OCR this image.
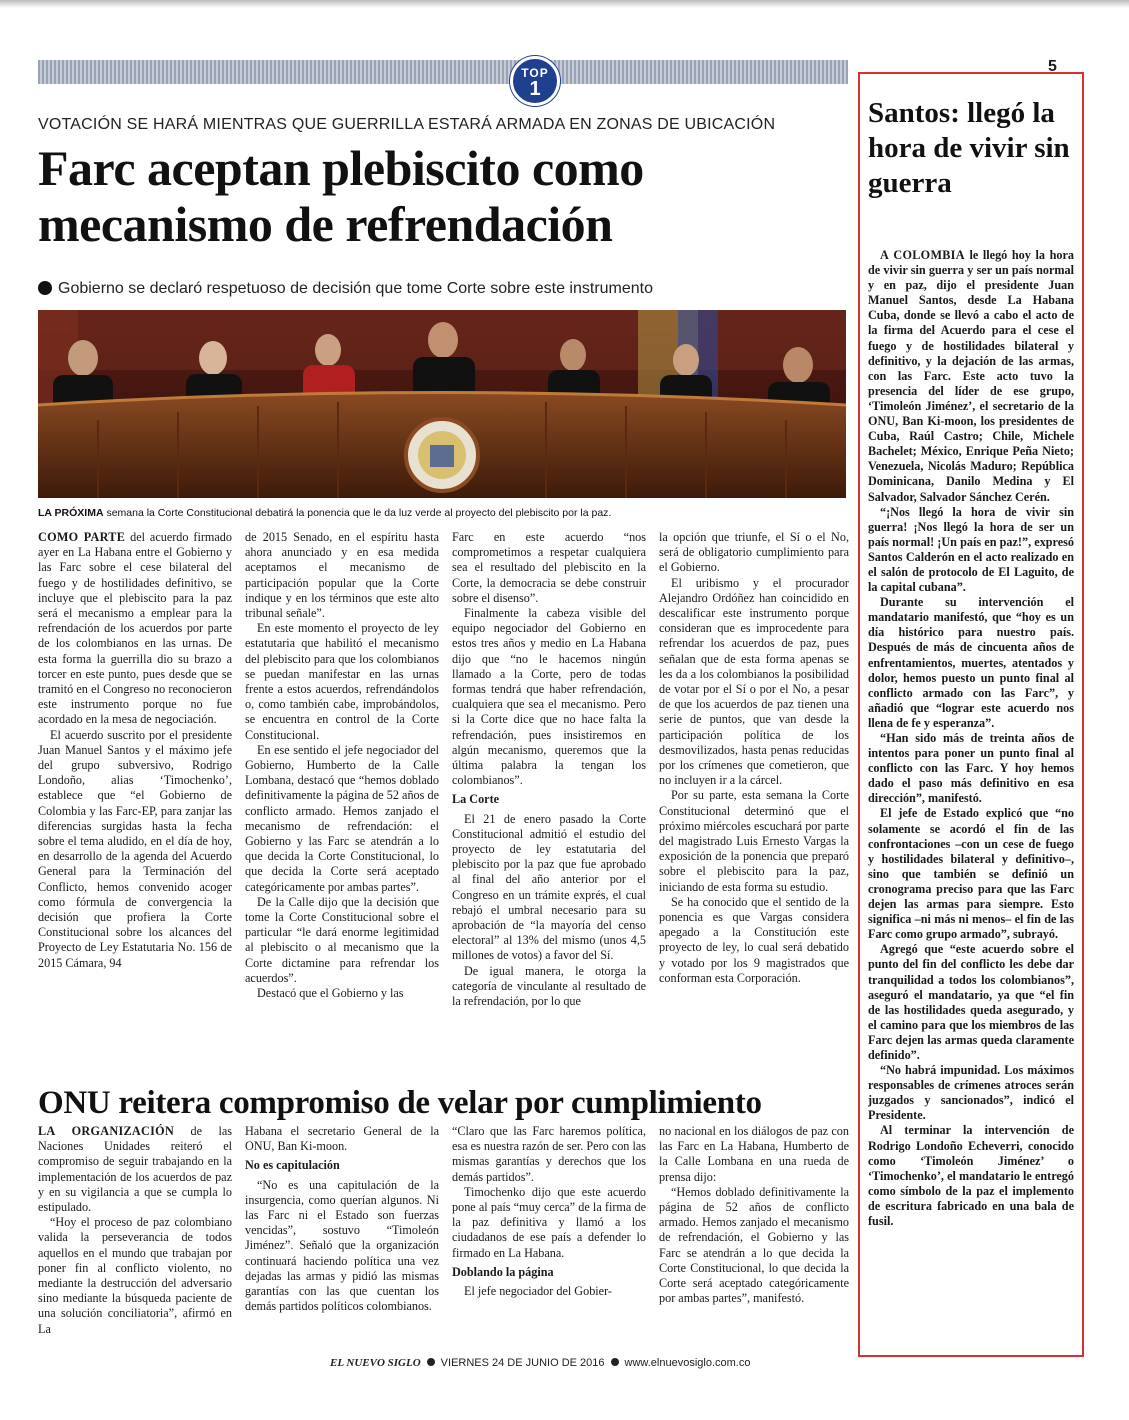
TOP
1
5
VOTACIÓN SE HARÁ MIENTRAS QUE GUERRILLA ESTARÁ ARMADA EN ZONAS DE UBICACIÓN
Farc aceptan plebiscito como mecanismo de refrendación
Gobierno se declaró respetuoso de decisión que tome Corte sobre este instrumento
LA PRÓXIMA semana la Corte Constitucional debatirá la ponencia que le da luz verde al proyecto del plebiscito por la paz.

COMO PARTE del acuerdo firmado ayer en La Habana entre el Gobierno y las Farc sobre el cese bilateral del fuego y de hostilidades definitivo, se incluye que el plebiscito para la paz será el mecanismo a emplear para la refrendación de los acuerdos por parte de los colombianos en las urnas. De esta forma la guerrilla dio su brazo a torcer en este punto, pues desde que se tramitó en el Congreso no reconocieron este instrumento porque no fue acordado en la mesa de negociación.

El acuerdo suscrito por el presidente Juan Manuel Santos y el máximo jefe del grupo subversivo, Rodrigo Londoño, alias ‘Timochenko’, establece que “el Gobierno de Colombia y las Farc-EP, para zanjar las diferencias surgidas hasta la fecha sobre el tema aludido, en el día de hoy, en desarrollo de la agenda del Acuerdo General para la Terminación del Conflicto, hemos convenido acoger como fórmula de convergencia la decisión que profiera la Corte Constitucional sobre los alcances del Proyecto de Ley Estatutaria No. 156 de 2015 Cámara, 94

de 2015 Senado, en el espíritu hasta ahora anunciado y en esa medida aceptamos el mecanismo de participación popular que la Corte indique y en los términos que este alto tribunal señale”.

En este momento el proyecto de ley estatutaria que habilitó el mecanismo del plebiscito para que los colombianos se puedan manifestar en las urnas frente a estos acuerdos, refrendándolos o, como también cabe, improbándolos, se encuentra en control de la Corte Constitucional.

En ese sentido el jefe negociador del Gobierno, Humberto de la Calle Lombana, destacó que “hemos doblado definitivamente la página de 52 años de conflicto armado. Hemos zanjado el mecanismo de refrendación: el Gobierno y las Farc se atendrán a lo que decida la Corte Constitucional, lo que decida la Corte será aceptado categóricamente por ambas partes”.

De la Calle dijo que la decisión que tome la Corte Constitucional sobre el particular “le dará enorme legitimidad al plebiscito o al mecanismo que la Corte dictamine para refrendar los acuerdos”.

Destacó que el Gobierno y las

Farc en este acuerdo “nos comprometimos a respetar cualquiera sea el resultado del plebiscito en la Corte, la democracia se debe construir sobre el disenso”.

Finalmente la cabeza visible del equipo negociador del Gobierno en estos tres años y medio en La Habana dijo que “no le hacemos ningún llamado a la Corte, pero de todas formas tendrá que haber refrendación, cualquiera que sea el mecanismo. Pero si la Corte dice que no hace falta la refrendación, pues insistiremos en algún mecanismo, queremos que la última palabra la tengan los colombianos”.

La Corte

El 21 de enero pasado la Corte Constitucional admitió el estudio del proyecto de ley estatutaria del plebiscito por la paz que fue aprobado al final del año anterior por el Congreso en un trámite exprés, el cual rebajó el umbral necesario para su aprobación de “la mayoría del censo electoral” al 13% del mismo (unos 4,5 millones de votos) a favor del Sí.

De igual manera, le otorga la categoría de vinculante al resultado de la refrendación, por lo que

la opción que triunfe, el Sí o el No, será de obligatorio cumplimiento para el Gobierno.

El uribismo y el procurador Alejandro Ordóñez han coincidido en descalificar este instrumento porque consideran que es improcedente para refrendar los acuerdos de paz, pues señalan que de esta forma apenas se les da a los colombianos la posibilidad de votar por el Sí o por el No, a pesar de que los acuerdos de paz tienen una serie de puntos, que van desde la participación política de los desmovilizados, hasta penas reducidas por los crímenes que cometieron, que no incluyen ir a la cárcel.

Por su parte, esta semana la Corte Constitucional determinó que el próximo miércoles escuchará por parte del magistrado Luis Ernesto Vargas la exposición de la ponencia que preparó sobre el plebiscito para la paz, iniciando de esta forma su estudio.

Se ha conocido que el sentido de la ponencia es que Vargas considera apegado a la Constitución este proyecto de ley, lo cual será debatido y votado por los 9 magistrados que conforman esta Corporación.

ONU reitera compromiso de velar por cumplimiento

LA ORGANIZACIÓN de las Naciones Unidades reiteró el compromiso de seguir trabajando en la implementación de los acuerdos de paz y en su vigilancia a que se cumpla lo estipulado.

“Hoy el proceso de paz colombiano valida la perseverancia de todos aquellos en el mundo que trabajan por poner fin al conflicto violento, no mediante la destrucción del adversario sino mediante la búsqueda paciente de una solución conciliatoria”, afirmó en La

Habana el secretario General de la ONU, Ban Ki-moon.

No es capitulación

“No es una capitulación de la insurgencia, como querían algunos. Ni las Farc ni el Estado son fuerzas vencidas”, sostuvo “Timoleón Jiménez”. Señaló que la organización continuará haciendo política una vez dejadas las armas y pidió las mismas garantías con las que cuentan los demás partidos políticos colombianos.

“Claro que las Farc haremos política, esa es nuestra razón de ser. Pero con las mismas garantías y derechos que los demás partidos”.

Timochenko dijo que este acuerdo pone al país “muy cerca” de la firma de la paz definitiva y llamó a los ciudadanos de ese país a defender lo firmado en La Habana.

Doblando la página

El jefe negociador del Gobier-

no nacional en los diálogos de paz con las Farc en La Habana, Humberto de la Calle Lombana en una rueda de prensa dijo:

“Hemos doblado definitivamente la página de 52 años de conflicto armado. Hemos zanjado el mecanismo de refrendación, el Gobierno y las Farc se atendrán a lo que decida la Corte Constitucional, lo que decida la Corte será aceptado categóricamente por ambas partes”, manifestó.

Santos: llegó la hora de vivir sin guerra

A COLOMBIA le llegó hoy la hora de vivir sin guerra y ser un país normal y en paz, dijo el presidente Juan Manuel Santos, desde La Habana Cuba, donde se llevó a cabo el acto de la firma del Acuerdo para el cese el fuego y de hostilidades bilateral y definitivo, y la dejación de las armas, con las Farc. Este acto tuvo la presencia del líder de ese grupo, ‘Timoleón Jiménez’, el secretario de la ONU, Ban Ki-moon, los presidentes de Cuba, Raúl Castro; Chile, Michele Bachelet; México, Enrique Peña Nieto; Venezuela, Nicolás Maduro; República Dominicana, Danilo Medina y El Salvador, Salvador Sánchez Cerén.

“¡Nos llegó la hora de vivir sin guerra! ¡Nos llegó la hora de ser un país normal! ¡Un país en paz!”, expresó Santos Calderón en el acto realizado en el salón de protocolo de El Laguito, de la capital cubana”.

Durante su intervención el mandatario manifestó, que “hoy es un día histórico para nuestro país. Después de más de cincuenta años de enfrentamientos, muertes, atentados y dolor, hemos puesto un punto final al conflicto armado con las Farc”, y añadió que “lograr este acuerdo nos llena de fe y esperanza”.

“Han sido más de treinta años de intentos para poner un punto final al conflicto con las Farc. Y hoy hemos dado el paso más definitivo en esa dirección”, manifestó.

El jefe de Estado explicó que “no solamente se acordó el fin de las confrontaciones –con un cese de fuego y hostilidades bilateral y definitivo–, sino que también se definió un cronograma preciso para que las Farc dejen las armas para siempre. Esto significa –ni más ni menos– el fin de las Farc como grupo armado”, subrayó.

Agregó que “este acuerdo sobre el punto del fin del conflicto les debe dar tranquilidad a todos los colombianos”, aseguró el mandatario, ya que “el fin de las hostilidades queda asegurado, y el camino para que los miembros de las Farc dejen las armas queda claramente definido”.

“No habrá impunidad. Los máximos responsables de crímenes atroces serán juzgados y sancionados”, indicó el Presidente.

Al terminar la intervención de Rodrigo Londoño Echeverri, conocido como ‘Timoleón Jiménez’ o ‘Timochenko’, el mandatario le entregó como símbolo de la paz el implemento de escritura fabricado en una bala de fusil.

EL NUEVO SIGLO VIERNES 24 DE JUNIO DE 2016 www.elnuevosiglo.com.co
